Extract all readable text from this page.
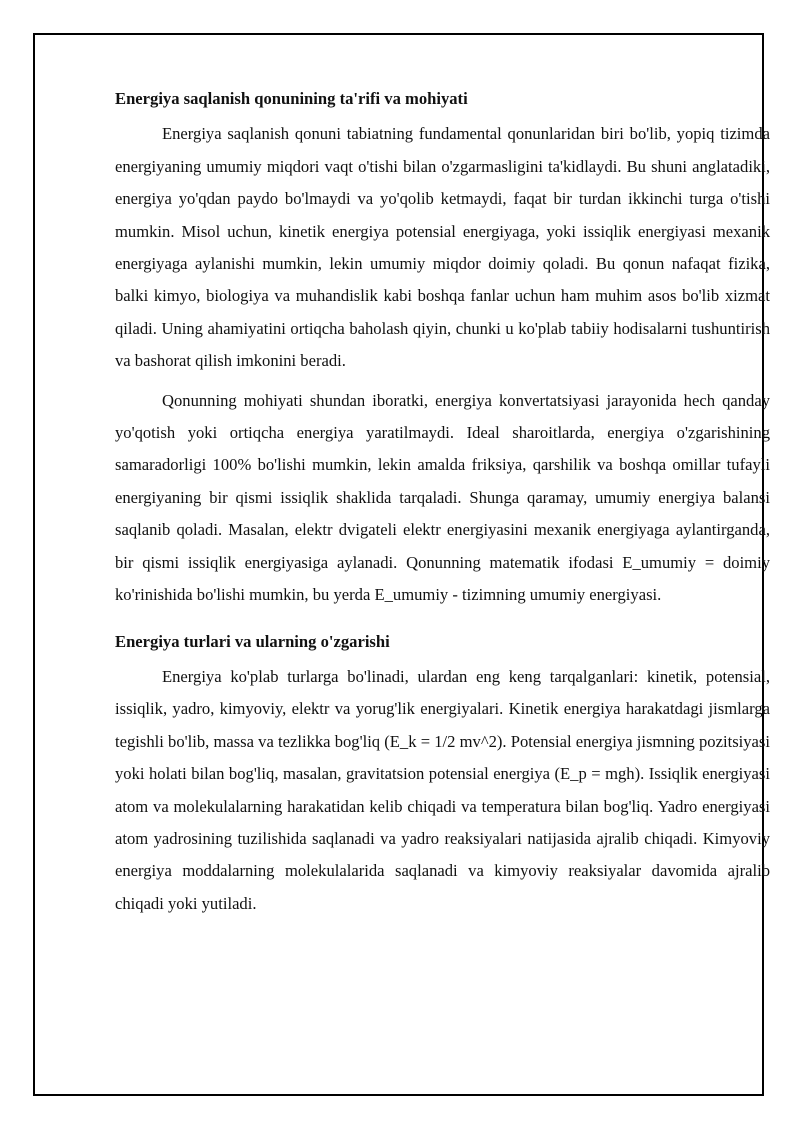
Energiya saqlanish qonunining ta'rifi va mohiyati

Energiya saqlanish qonuni tabiatning fundamental qonunlaridan biri bo'lib, yopiq tizimda energiyaning umumiy miqdori vaqt o'tishi bilan o'zgarmasligini ta'kidlaydi. Bu shuni anglatadiki, energiya yo'qdan paydo bo'lmaydi va yo'qolib ketmaydi, faqat bir turdan ikkinchi turga o'tishi mumkin. Misol uchun, kinetik energiya potensial energiyaga, yoki issiqlik energiyasi mexanik energiyaga aylanishi mumkin, lekin umumiy miqdor doimiy qoladi. Bu qonun nafaqat fizika, balki kimyo, biologiya va muhandislik kabi boshqa fanlar uchun ham muhim asos bo'lib xizmat qiladi. Uning ahamiyatini ortiqcha baholash qiyin, chunki u ko'plab tabiiy hodisalarni tushuntirish va bashorat qilish imkonini beradi.

Qonunning mohiyati shundan iboratki, energiya konvertatsiyasi jarayonida hech qanday yo'qotish yoki ortiqcha energiya yaratilmaydi. Ideal sharoitlarda, energiya o'zgarishining samaradorligi 100% bo'lishi mumkin, lekin amalda friksiya, qarshilik va boshqa omillar tufayli energiyaning bir qismi issiqlik shaklida tarqaladi. Shunga qaramay, umumiy energiya balansi saqlanib qoladi. Masalan, elektr dvigateli elektr energiyasini mexanik energiyaga aylantirganda, bir qismi issiqlik energiyasiga aylanadi. Qonunning matematik ifodasi E_umumiy = doimiy ko'rinishida bo'lishi mumkin, bu yerda E_umumiy - tizimning umumiy energiyasi.

Energiya turlari va ularning o'zgarishi

Energiya ko'plab turlarga bo'linadi, ulardan eng keng tarqalganlari: kinetik, potensial, issiqlik, yadro, kimyoviy, elektr va yorug'lik energiyalari. Kinetik energiya harakatdagi jismlarga tegishli bo'lib, massa va tezlikka bog'liq (E_k = 1/2 mv^2). Potensial energiya jismning pozitsiyasi yoki holati bilan bog'liq, masalan, gravitatsion potensial energiya (E_p = mgh). Issiqlik energiyasi atom va molekulalarning harakatidan kelib chiqadi va temperatura bilan bog'liq. Yadro energiyasi atom yadrosining tuzilishida saqlanadi va yadro reaksiyalari natijasida ajralib chiqadi. Kimyoviy energiya moddalarning molekulalarida saqlanadi va kimyoviy reaksiyalar davomida ajralib chiqadi yoki yutiladi.
